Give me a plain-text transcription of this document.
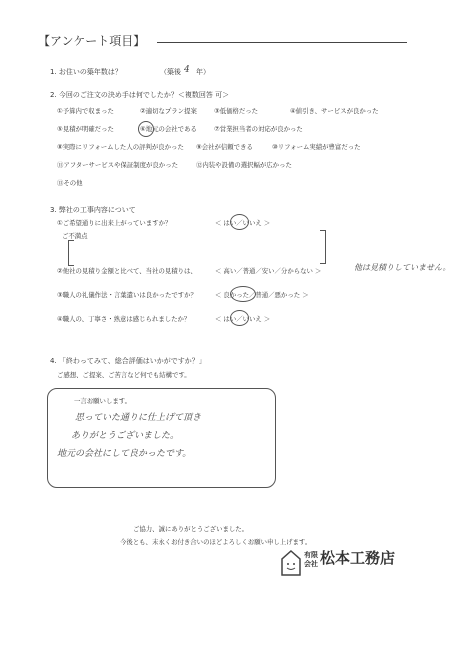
【アンケート項目】
1. お住いの築年数は？	（築後 4 年）
2. 今回のご注文の決め手は何でしたか？＜複数回答 可＞
①予算内で収まった	②適切なプラン提案	③低価格だった	④値引き、サービスが良かった
⑤見積が明確だった	⑥地元の会社である	⑦営業担当者の対応が良かった
⑧実際にリフォームした人の評判が良かった ⑨会社が信頼できる	⑩リフォーム実績が豊富だった
⑪アフターサービスや保証制度が良かった	⑫内装や設備の選択幅が広かった
⑬その他
3. 弊社の工事内容について
①ご希望通りに出来上がっていますか？	＜ はい／いいえ ＞
ご不満点
②他社の見積り金額と比べて、当社の見積りは、	＜ 高い／普通／安い／分からない ＞	他は見積りしていません。
③職人の礼儀作法・言葉遣いは良かったですか？	＜ 良かった／普通／悪かった ＞
④職人の、丁寧さ・熟意は感じられましたか？	＜ はい／いいえ ＞
4. 「終わってみて、総合評価はいかがですか？」
ご感想、ご提案、ご苦言など何でも結構です。
一言お願いします。
思っていた通りに仕上げて頂き
ありがとうございました。
地元の会社にして良かったです。
ご協力、誠にありがとうございました。
今後とも、末永くお付き合いのほどよろしくお願い申し上げます。
有限
会社 松本工務店
